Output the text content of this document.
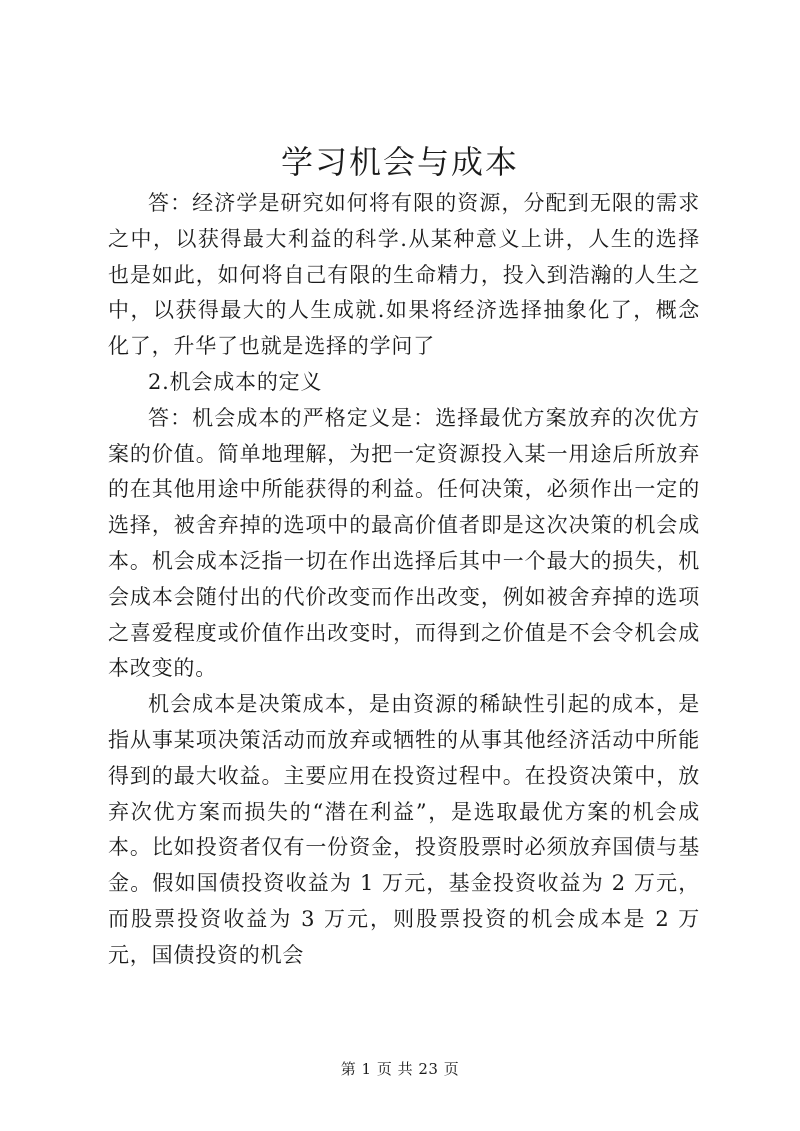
学习机会与成本

答：经济学是研究如何将有限的资源，分配到无限的需求之中，以获得最大利益的科学.从某种意义上讲，人生的选择也是如此，如何将自己有限的生命精力，投入到浩瀚的人生之中，以获得最大的人生成就.如果将经济选择抽象化了，概念化了，升华了也就是选择的学问了

2.机会成本的定义

答：机会成本的严格定义是：选择最优方案放弃的次优方案的价值。简单地理解，为把一定资源投入某一用途后所放弃的在其他用途中所能获得的利益。任何决策，必须作出一定的选择，被舍弃掉的选项中的最高价值者即是这次决策的机会成本。机会成本泛指一切在作出选择后其中一个最大的损失，机会成本会随付出的代价改变而作出改变，例如被舍弃掉的选项之喜爱程度或价值作出改变时，而得到之价值是不会令机会成本改变的。

机会成本是决策成本，是由资源的稀缺性引起的成本，是指从事某项决策活动而放弃或牺牲的从事其他经济活动中所能得到的最大收益。主要应用在投资过程中。在投资决策中，放弃次优方案而损失的“潜在利益”，是选取最优方案的机会成本。比如投资者仅有一份资金，投资股票时必须放弃国债与基金。假如国债投资收益为 1 万元，基金投资收益为 2 万元，而股票投资收益为 3 万元，则股票投资的机会成本是 2 万元，国债投资的机会

第 1 页 共 23 页
